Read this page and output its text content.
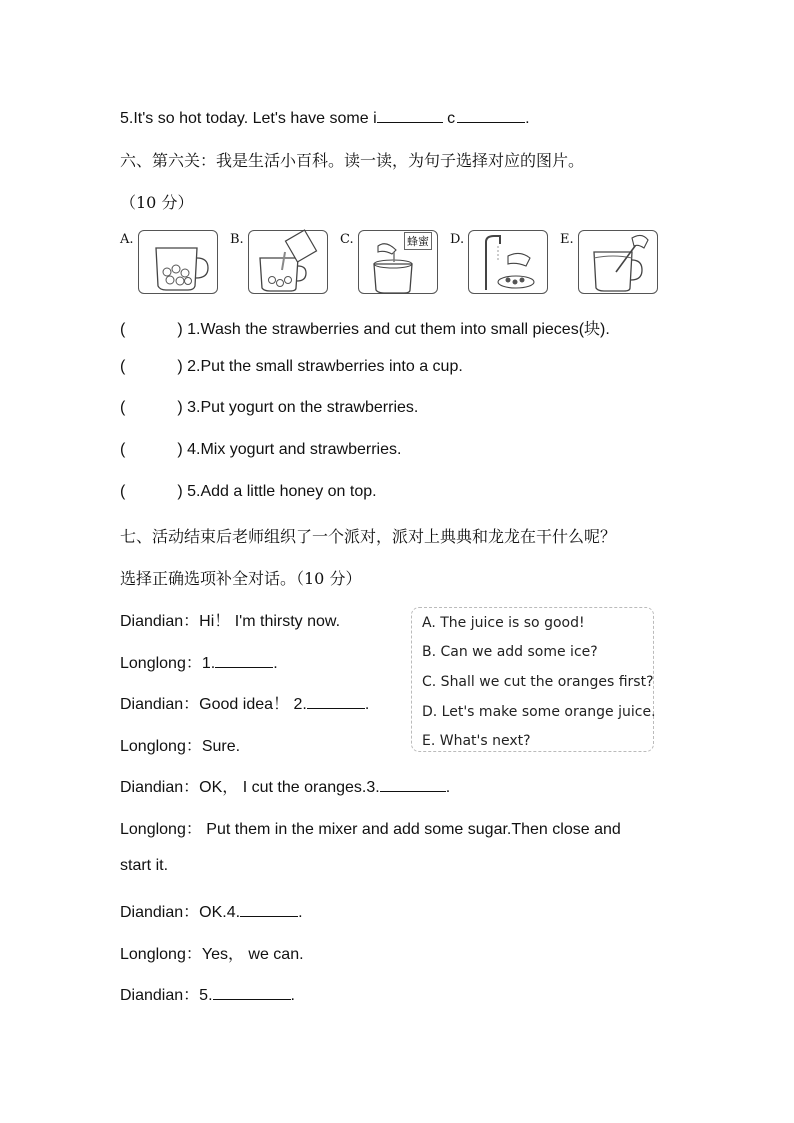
5.It's so hot today. Let's have some i	c	.
六、第六关：我是生活小百科。读一读，为句子选择对应的图片。
（10 分）
A.	B.	C.	蜂蜜 D.	E.
(	) 1.Wash the strawberries and cut them into small pieces(块).
(	) 2.Put the small strawberries into a cup.
(	) 3.Put yogurt on the strawberries.
(	) 4.Mix yogurt and strawberries.
(	) 5.Add a little honey on top.
七、活动结束后老师组织了一个派对，派对上典典和龙龙在干什么呢？
选择正确选项补全对话。（10 分）
A. The juice is so good!
B. Can we add some ice?
C. Shall we cut the oranges first?
D. Let's make some orange juice.
E. What's next?
Diandian：Hi！ I'm thirsty now.
Longlong：1.	.
Diandian：Good idea！ 2.	.
Longlong：Sure.
Diandian：OK， I cut the oranges.3.	.
Longlong： Put them in the mixer and add some sugar.Then close and
start it.
Diandian：OK.4.	.
Longlong：Yes， we can.
Diandian：5.	.
